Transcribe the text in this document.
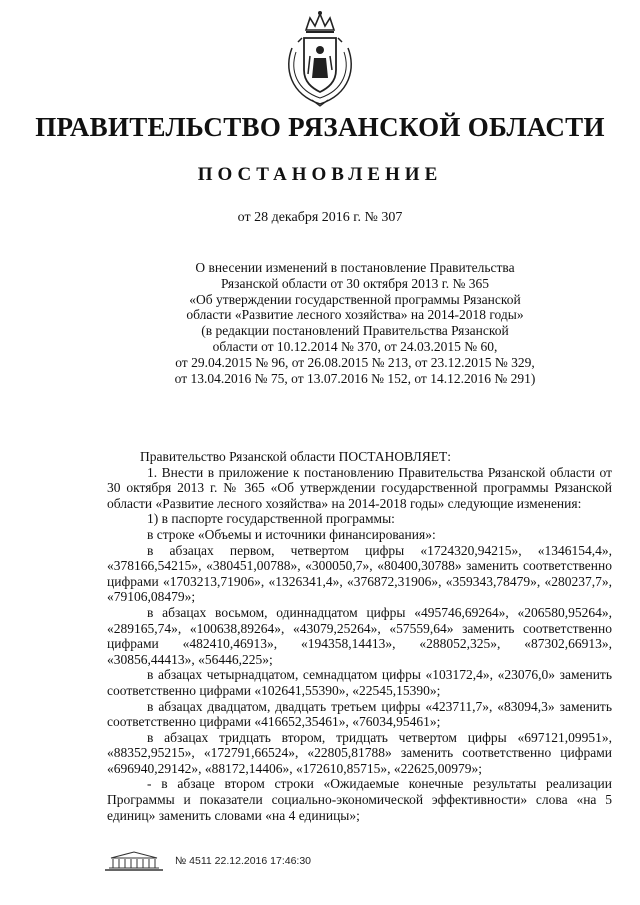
ПРАВИТЕЛЬСТВО РЯЗАНСКОЙ ОБЛАСТИ
ПОСТАНОВЛЕНИЕ
от 28 декабря 2016 г. № 307
О внесении изменений в постановление Правительства
Рязанской области от 30 октября 2013 г. № 365
«Об утверждении государственной программы Рязанской
области «Развитие лесного хозяйства» на 2014-2018 годы»
(в редакции постановлений Правительства Рязанской
области от 10.12.2014 № 370, от 24.03.2015 № 60,
от 29.04.2015 № 96, от 26.08.2015 № 213, от 23.12.2015 № 329,
от 13.04.2016 № 75, от 13.07.2016 № 152, от 14.12.2016 № 291)
Правительство Рязанской области ПОСТАНОВЛЯЕТ:
1. Внести в приложение к постановлению Правительства Рязанской области от 30 октября 2013 г. № 365 «Об утверждении государственной программы Рязанской области «Развитие лесного хозяйства» на 2014-2018 годы» следующие изменения:
1) в паспорте государственной программы:
в строке «Объемы и источники финансирования»:
в абзацах первом, четвертом цифры «1724320,94215», «1346154,4», «378166,54215», «380451,00788», «300050,7», «80400,30788» заменить соответственно цифрами «1703213,71906», «1326341,4», «376872,31906», «359343,78479», «280237,7», «79106,08479»;
в абзацах восьмом, одиннадцатом цифры «495746,69264», «206580,95264», «289165,74», «100638,89264», «43079,25264», «57559,64» заменить соответственно цифрами «482410,46913», «194358,14413», «288052,325», «87302,66913», «30856,44413», «56446,225»;
в абзацах четырнадцатом, семнадцатом цифры «103172,4», «23076,0» заменить соответственно цифрами «102641,55390», «22545,15390»;
в абзацах двадцатом, двадцать третьем цифры «423711,7», «83094,3» заменить соответственно цифрами «416652,35461», «76034,95461»;
в абзацах тридцать втором, тридцать четвертом цифры «697121,09951», «88352,95215», «172791,66524», «22805,81788» заменить соответственно цифрами «696940,29142», «88172,14406», «172610,85715», «22625,00979»;
- в абзаце втором строки «Ожидаемые конечные результаты реализации Программы и показатели социально-экономической эффективности» слова «на 5 единиц» заменить словами «на 4 единицы»;
№ 4511 22.12.2016 17:46:30
